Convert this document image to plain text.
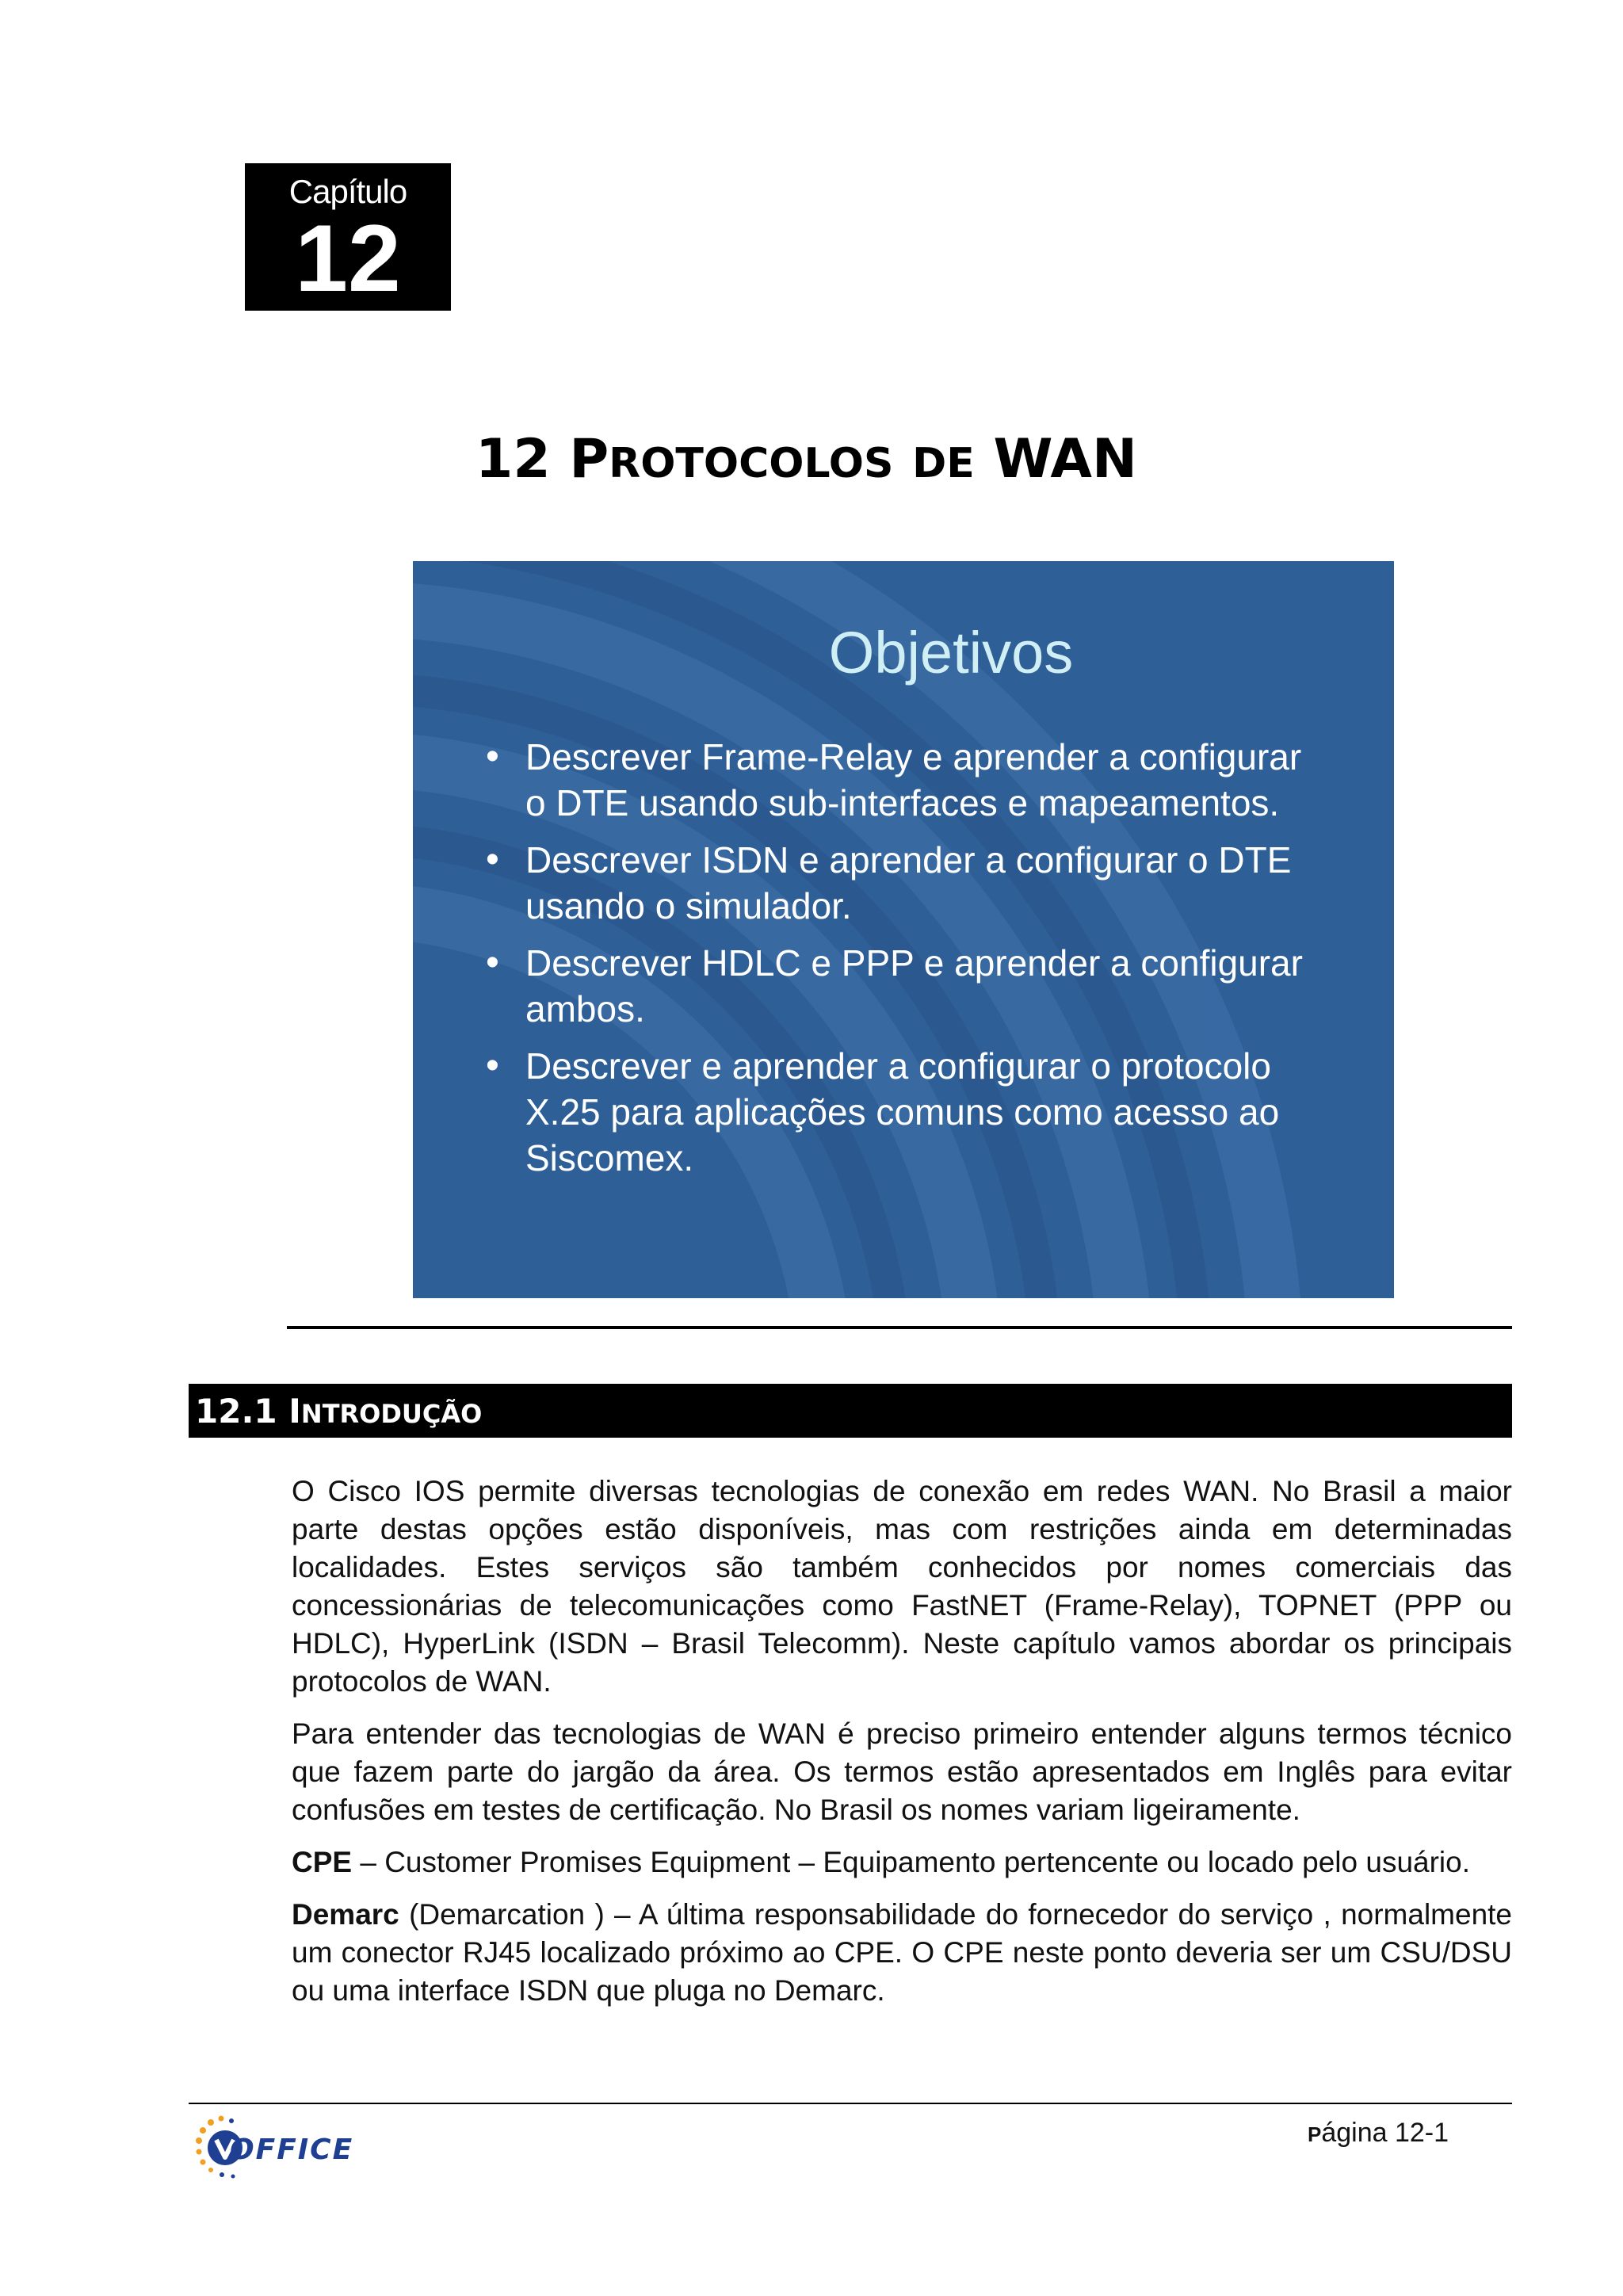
Capítulo
12
12 PROTOCOLOS DE WAN
Objetivos
• Descrever Frame-Relay e aprender a configurar
o DTE usando sub-interfaces e mapeamentos.
• Descrever ISDN e aprender a configurar o DTE
usando o simulador.
• Descrever HDLC e PPP e aprender a configurar
ambos.
• Descrever e aprender a configurar o protocolo
X.25 para aplicações comuns como acesso ao
Siscomex.
12.1 INTRODUÇÃO

O Cisco IOS permite diversas tecnologias de conexão em redes WAN. No Brasil a maior parte destas opções estão disponíveis, mas com restrições ainda em determinadas localidades. Estes serviços são também conhecidos por nomes comerciais das concessionárias de telecomunicações como FastNET (Frame-Relay), TOPNET (PPP ou HDLC), HyperLink (ISDN – Brasil Telecomm). Neste capítulo vamos abordar os principais protocolos de WAN.

Para entender das tecnologias de WAN é preciso primeiro entender alguns termos técnico que fazem parte do jargão da área. Os termos estão apresentados em Inglês para evitar confusões em testes de certificação. No Brasil os nomes variam ligeiramente.

CPE – Customer Promises Equipment – Equipamento pertencente ou locado pelo usuário.

Demarc (Demarcation ) – A última responsabilidade do fornecedor do serviço , normalmente um conector RJ45 localizado próximo ao CPE. O CPE neste ponto deveria ser um CSU/DSU ou uma interface ISDN que pluga no Demarc.

OFFICE	Página 12-1
